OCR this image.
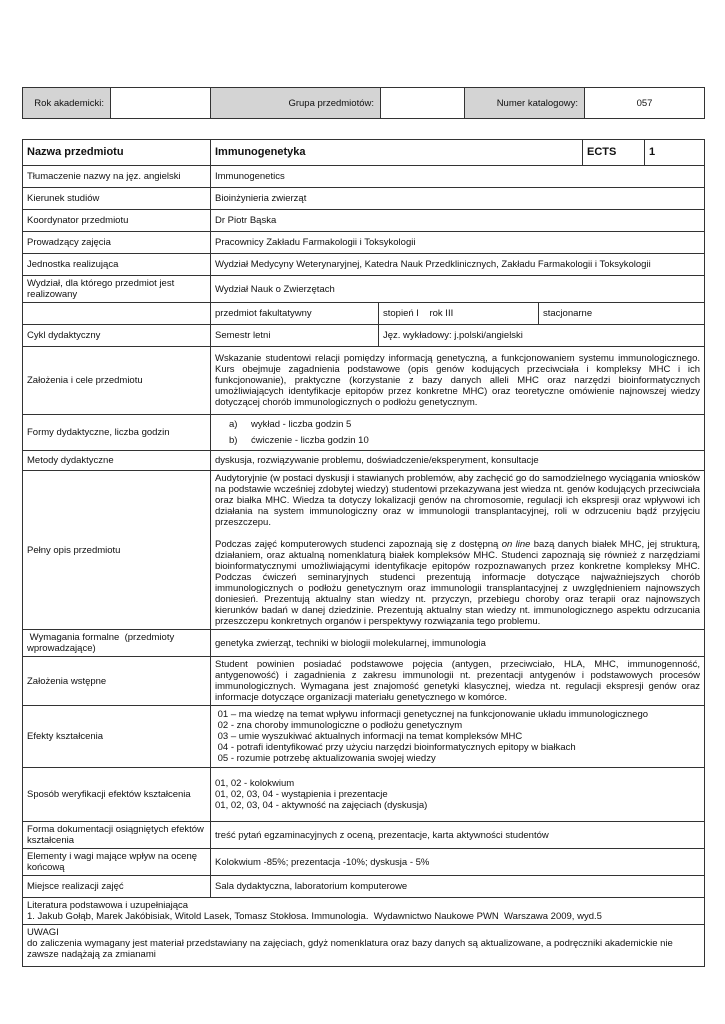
Rok akademicki:		Grupa przedmiotów:		Numer katalogowy:	057
Nazwa przedmiotu	Immunogenetyka			ECTS	1
Tłumaczenie nazwy na jęz. angielski	Immunogenetics				
Kierunek studiów	Bioinżynieria zwierząt				
Koordynator przedmiotu	Dr Piotr Bąska				
Prowadzący zajęcia	Pracownicy Zakładu Farmakologii i Toksykologii				
Jednostka realizująca	Wydział Medycyny Weterynaryjnej, Katedra Nauk Przedklinicznych, Zakładu Farmakologii i Toksykologii				
Wydział, dla którego przedmiot jest realizowany	Wydział Nauk o Zwierzętach				
	przedmiot fakultatywny	stopień I    rok III	stacjonarne		
Cykl dydaktyczny	Semestr letni	Jęz. wykładowy: j.polski/angielski			
Założenia i cele przedmiotu	Wskazanie studentowi relacji pomiędzy informacją genetyczną, a funkcjonowaniem systemu immunologicznego. Kurs obejmuje zagadnienia podstawowe (opis genów kodujących przeciwciała i kompleksy MHC i ich funkcjonowanie), praktyczne (korzystanie z bazy danych alleli MHC oraz narzędzi bioinformatycznych umożliwiających identyfikacje epitopów przez konkretne MHC) oraz teoretyczne omówienie najnowszej wiedzy dotyczącej chorób immunologicznych o podłożu genetycznym.				
Formy dydaktyczne, liczba godzin	a) wykład - liczba godzin 5
b) ćwiczenie - liczba godzin 10				

Metody dydaktyczne	dyskusja, rozwiązywanie problemu, doświadczenie/eksperyment, konsultacje				
Pełny opis przedmiotu	Audytoryjnie (w postaci dyskusji i stawianych problemów, aby zachęcić go do samodzielnego wyciągania wniosków na podstawie wcześniej zdobytej wiedzy) studentowi przekazywana jest wiedza nt. genów kodujących przeciwciała oraz białka MHC. Wiedza ta dotyczy lokalizacji genów na chromosomie, regulacji ich ekspresji oraz wpływowi ich działania na system immunologiczny oraz w immunologii transplantacyjnej, roli w odrzuceniu bądź przyjęciu przeszczepu.
Podczas zajęć komputerowych studenci zapoznają się z dostępną on line bazą danych białek MHC, jej strukturą, działaniem, oraz aktualną nomenklaturą białek kompleksów MHC. Studenci zapoznają się również z narzędziami bioinformatycznymi umożliwiającymi identyfikacje epitopów rozpoznawanych przez konkretne kompleksy MHC. Podczas ćwiczeń seminaryjnych studenci prezentują informacje dotyczące najważniejszych chorób immunologicznych o podłożu genetycznym oraz immunologii transplantacyjnej z uwzględnieniem najnowszych doniesień. Prezentują aktualny stan wiedzy nt. przyczyn, przebiegu choroby oraz terapii oraz najnowszych kierunków badań w danej dziedzinie. Prezentują aktualny stan wiedzy nt. immunologicznego aspektu odrzucania przeszczepu konkretnych organów i perspektywy rozwiązania tego problemu.				

Wymagania formalne  (przedmioty wprowadzające)	genetyka zwierząt, techniki w biologii molekularnej, immunologia				
Założenia wstępne	Student powinien posiadać podstawowe pojęcia (antygen, przeciwciało, HLA, MHC, immunogenność, antygenowość) i zagadnienia z zakresu immunologii nt. prezentacji antygenów i podstawowych procesów immunologicznych. Wymagana jest znajomość genetyki klasycznej, wiedza nt. regulacji ekspresji genów oraz informacje dotyczące organizacji materiału genetycznego w komórce.				
Efekty kształcenia	01 – ma wiedzę na temat wpływu informacji genetycznej na funkcjonowanie układu immunologicznego
02 - zna choroby immunologiczne o podłożu genetycznym
03 – umie wyszukiwać aktualnych informacji na temat kompleksów MHC
04 - potrafi identyfikować przy użyciu narzędzi bioinformatycznych epitopy w białkach
05 - rozumie potrzebę aktualizowania swojej wiedzy				

Sposób weryfikacji efektów kształcenia	01, 02 - kolokwium
01, 02, 03, 04 - wystąpienia i prezentacje
01, 02, 03, 04 - aktywność na zajęciach (dyskusja)				

Forma dokumentacji osiągniętych efektów kształcenia	treść pytań egzaminacyjnych z oceną, prezentacje, karta aktywności studentów				
Elementy i wagi mające wpływ na ocenę końcową	Kolokwium -85%; prezentacja -10%; dyskusja - 5%				
Miejsce realizacji zajęć	Sala dydaktyczna, laboratorium komputerowe				

Literatura podstawowa i uzupełniająca
1. Jakub Gołąb, Marek Jakóbisiak, Witold Lasek, Tomasz Stokłosa. Immunologia.  Wydawnictwo Naukowe PWN  Warszawa 2009, wyd.5					

UWAGI
do zaliczenia wymagany jest materiał przedstawiany na zajęciach, gdyż nomenklatura oraz bazy danych są aktualizowane, a podręczniki akademickie nie zawsze nadążają za zmianami					
